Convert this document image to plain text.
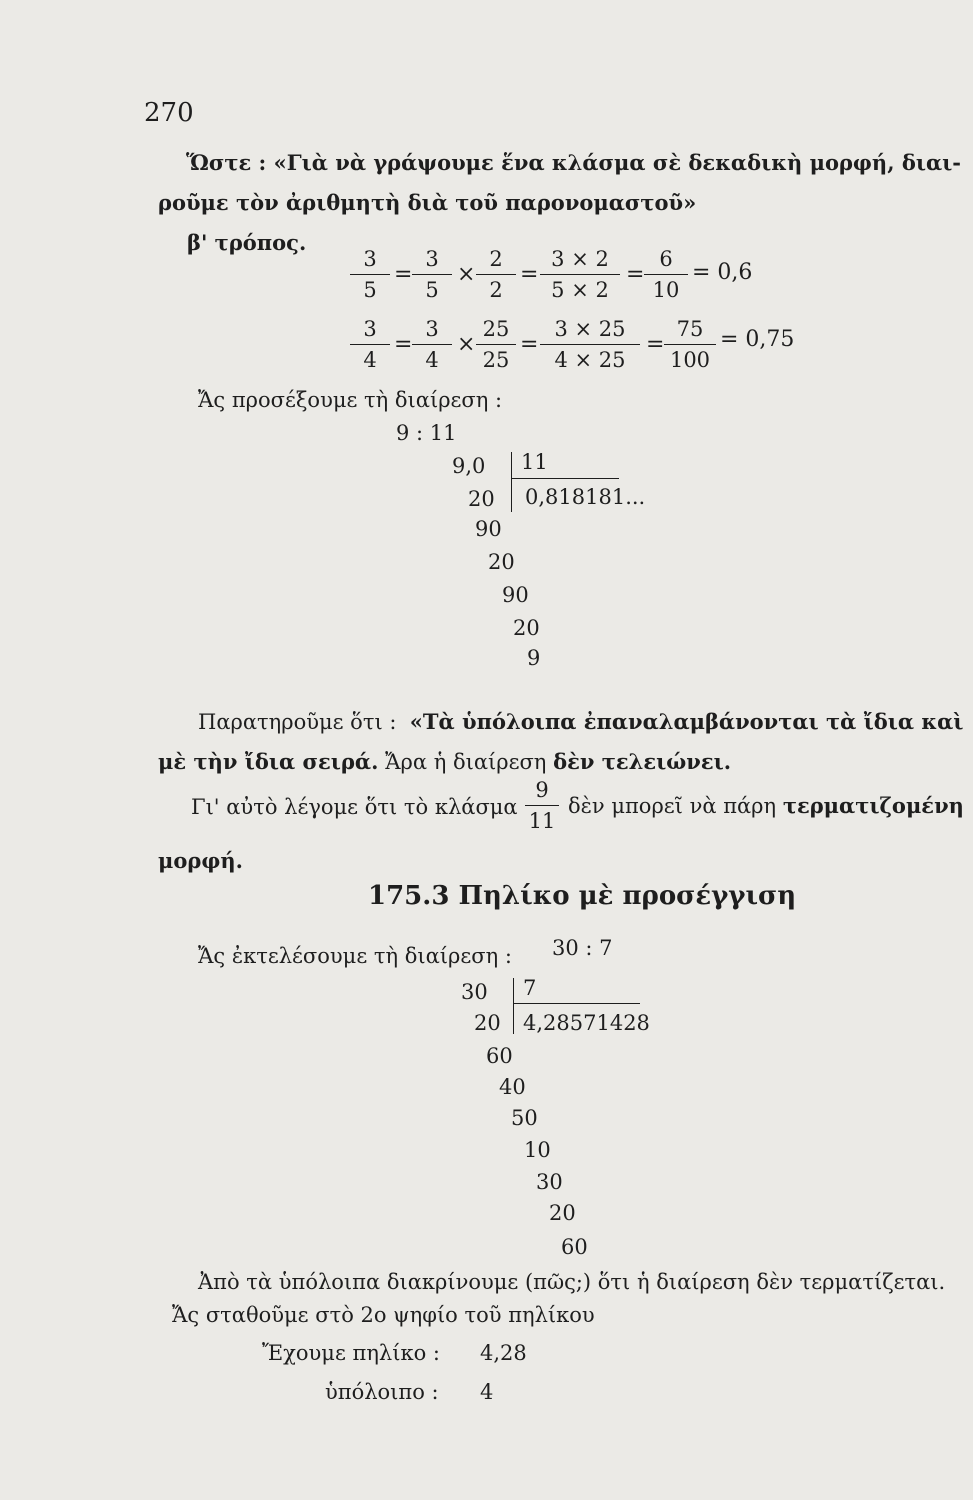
270
Ὥστε : «Γιὰ νὰ γράψουμε ἕνα κλάσμα σὲ δεκαδικὴ μορφή, διαι-
ροῦμε τὸν ἀριθμητὴ διὰ τοῦ παρονομαστοῦ»
β' τρόπος.
3
5
=
3
5
×
2
2
=
3 × 2
5 × 2
=
6
10
= 0,6
3
4
=
3
4
×
25
25
=
3 × 25
4 × 25
=
75
100
= 0,75
Ἄς προσέξουμε τὴ διαίρεση :
9 : 11
9,0 11
0,818181...
20
90
20
90
20
9
Παρατηροῦμε ὅτι : «Τὰ ὑπόλοιπα ἐπαναλαμβάνονται τὰ ἴδια καὶ
μὲ τὴν ἴδια σειρά. Ἄρα ἡ διαίρεση δὲν τελειώνει.
Γι' αὐτὸ λέγομε ὅτι τὸ κλάσμα
9
11
δὲν μπορεῖ νὰ πάρη τερματιζομένη
μορφή.
175.3 Πηλίκο μὲ προσέγγιση
Ἄς ἐκτελέσουμε τὴ διαίρεση : 30 : 7
30 7
4,28571428
20
60
40
50
10
30
20
60
Ἀπὸ τὰ ὑπόλοιπα διακρίνουμε (πῶς;) ὅτι ἡ διαίρεση δὲν τερματίζεται.
Ἄς σταθοῦμε στὸ 2ο ψηφίο τοῦ πηλίκου
Ἔχουμε πηλίκο : 4,28
ὑπόλοιπο : 4
